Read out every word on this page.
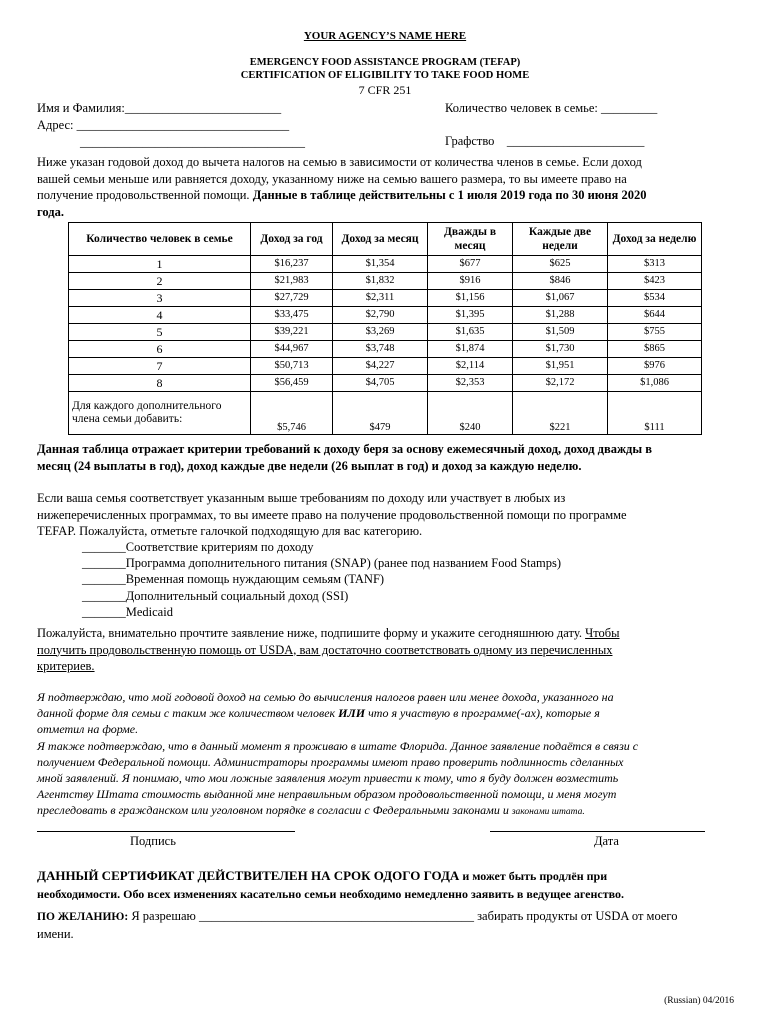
YOUR AGENCY’S NAME HERE
EMERGENCY FOOD ASSISTANCE PROGRAM (TEFAP)
CERTIFICATION OF ELIGIBILITY TO TAKE FOOD HOME
7 CFR 251
Имя и Фамилия:_________________________
Адрес: __________________________________
____________________________________
Количество человек в семье: _________
Графство ______________________
Ниже указан годовой доход до вычета налогов на семью в зависимости от количества членов в семье. Если доход
вашей семьи меньше или равняется доходу, указанному ниже на семью вашего размера, то вы имеете право на
получение продовольственной помощи. Данные в таблице действительны с 1 июля 2019 года по 30 июня 2020
года.
Количество человек в семье	Доход за год	Доход за месяц	Дважды в месяц	Каждые две недели	Доход за неделю
1	$16,237	$1,354	$677	$625	$313
2	$21,983	$1,832	$916	$846	$423
3	$27,729	$2,311	$1,156	$1,067	$534
4	$33,475	$2,790	$1,395	$1,288	$644
5	$39,221	$3,269	$1,635	$1,509	$755
6	$44,967	$3,748	$1,874	$1,730	$865
7	$50,713	$4,227	$2,114	$1,951	$976
8	$56,459	$4,705	$2,353	$2,172	$1,086
Для каждого дополнительного члена семьи добавить:	$5,746	$479	$240	$221	$111
Данная таблица отражает критерии требований к доходу беря за основу ежемесячный доход, доход дважды в
месяц (24 выплаты в год), доход каждые две недели (26 выплат в год) и доход за каждую неделю.
Если ваша семья соответствует указанным выше требованиям по доходу или участвует в любых из
нижеперечисленных программах, то вы имеете право на получение продовольственной помощи по программе
TEFAP. Пожалуйста, отметьте галочкой подходящую для вас категорию.
_______Соответствие критериям по доходу
_______Программа дополнительного питания (SNAP) (ранее под названием Food Stamps)
_______Временная помощь нуждающим семьям (TANF)
_______Дополнительный социальный доход (SSI)
_______Medicaid
Пожалуйста, внимательно прочтите заявление ниже, подпишите форму и укажите сегодняшнюю дату. Чтобы
получить продовольственную помощь от USDA, вам достаточно соответствовать одному из перечисленных
критериев.
Я подтверждаю, что мой годовой доход на семью до вычисления налогов равен или менее дохода, указанного на
данной форме для семьи с таким же количеством человек ИЛИ что я участвую в программе(-ах), которые я
отметил на форме.
Я также подтверждаю, что в данный момент я проживаю в штате Флорида. Данное заявление подаётся в связи с
получением Федеральной помощи. Администраторы программы имеют право проверить подлинность сделанных
мной заявлений. Я понимаю, что мои ложные заявления могут привести к тому, что я буду должен возместить
Агентству Штата стоимость выданной мне неправильным образом продовольственной помощи, и меня могут
преследовать в гражданском или уголовном порядке в согласии с Федеральными законами и законами штата.
Подпись	Дата
ДАННЫЙ СЕРТИФИКАТ ДЕЙСТВИТЕЛЕН НА СРОК ОДОГО ГОДА и может быть продлён при
необходимости. Обо всех изменениях касательно семьи необходимо немедленно заявить в ведущее агенство.
ПО ЖЕЛАНИЮ: Я разрешаю ____________________________________________ забирать продукты от USDA от моего
имени.
(Russian) 04/2016
